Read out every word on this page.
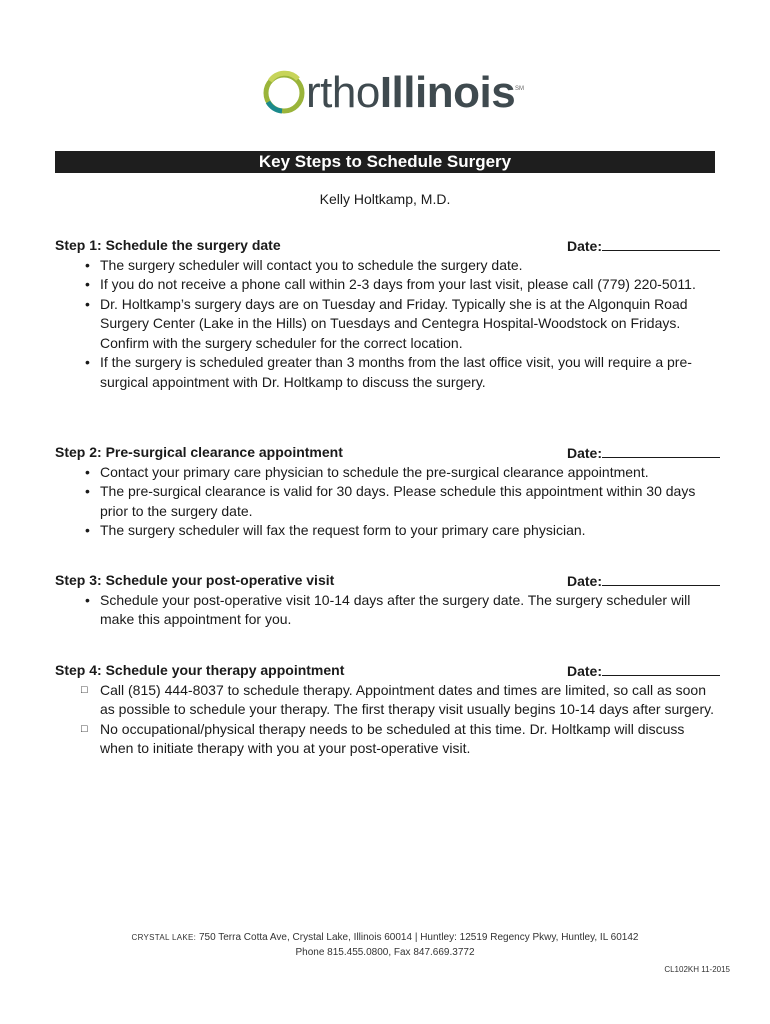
rthoIllinois SM
Key Steps to Schedule Surgery
Kelly Holtkamp, M.D.
Step 1: Schedule the surgery date	Date:
• The surgery scheduler will contact you to schedule the surgery date.
• If you do not receive a phone call within 2-3 days from your last visit, please call (779) 220-5011.
• Dr. Holtkamp’s surgery days are on Tuesday and Friday. Typically she is at the Algonquin Road Surgery Center (Lake in the Hills) on Tuesdays and Centegra Hospital-Woodstock on Fridays. Confirm with the surgery scheduler for the correct location.
• If the surgery is scheduled greater than 3 months from the last office visit, you will require a pre-surgical appointment with Dr. Holtkamp to discuss the surgery.
Step 2: Pre-surgical clearance appointment	Date:
• Contact your primary care physician to schedule the pre-surgical clearance appointment.
• The pre-surgical clearance is valid for 30 days. Please schedule this appointment within 30 days prior to the surgery date.
• The surgery scheduler will fax the request form to your primary care physician.
Step 3: Schedule your post-operative visit	Date:
• Schedule your post-operative visit 10-14 days after the surgery date. The surgery scheduler will make this appointment for you.
Step 4: Schedule your therapy appointment	Date:
□ Call (815) 444-8037 to schedule therapy. Appointment dates and times are limited, so call as soon as possible to schedule your therapy. The first therapy visit usually begins 10-14 days after surgery.
□ No occupational/physical therapy needs to be scheduled at this time. Dr. Holtkamp will discuss when to initiate therapy with you at your post-operative visit.
CRYSTAL LAKE: 750 Terra Cotta Ave, Crystal Lake, Illinois 60014 | Huntley: 12519 Regency Pkwy, Huntley, IL 60142
Phone 815.455.0800, Fax 847.669.3772
CL102KH 11-2015
